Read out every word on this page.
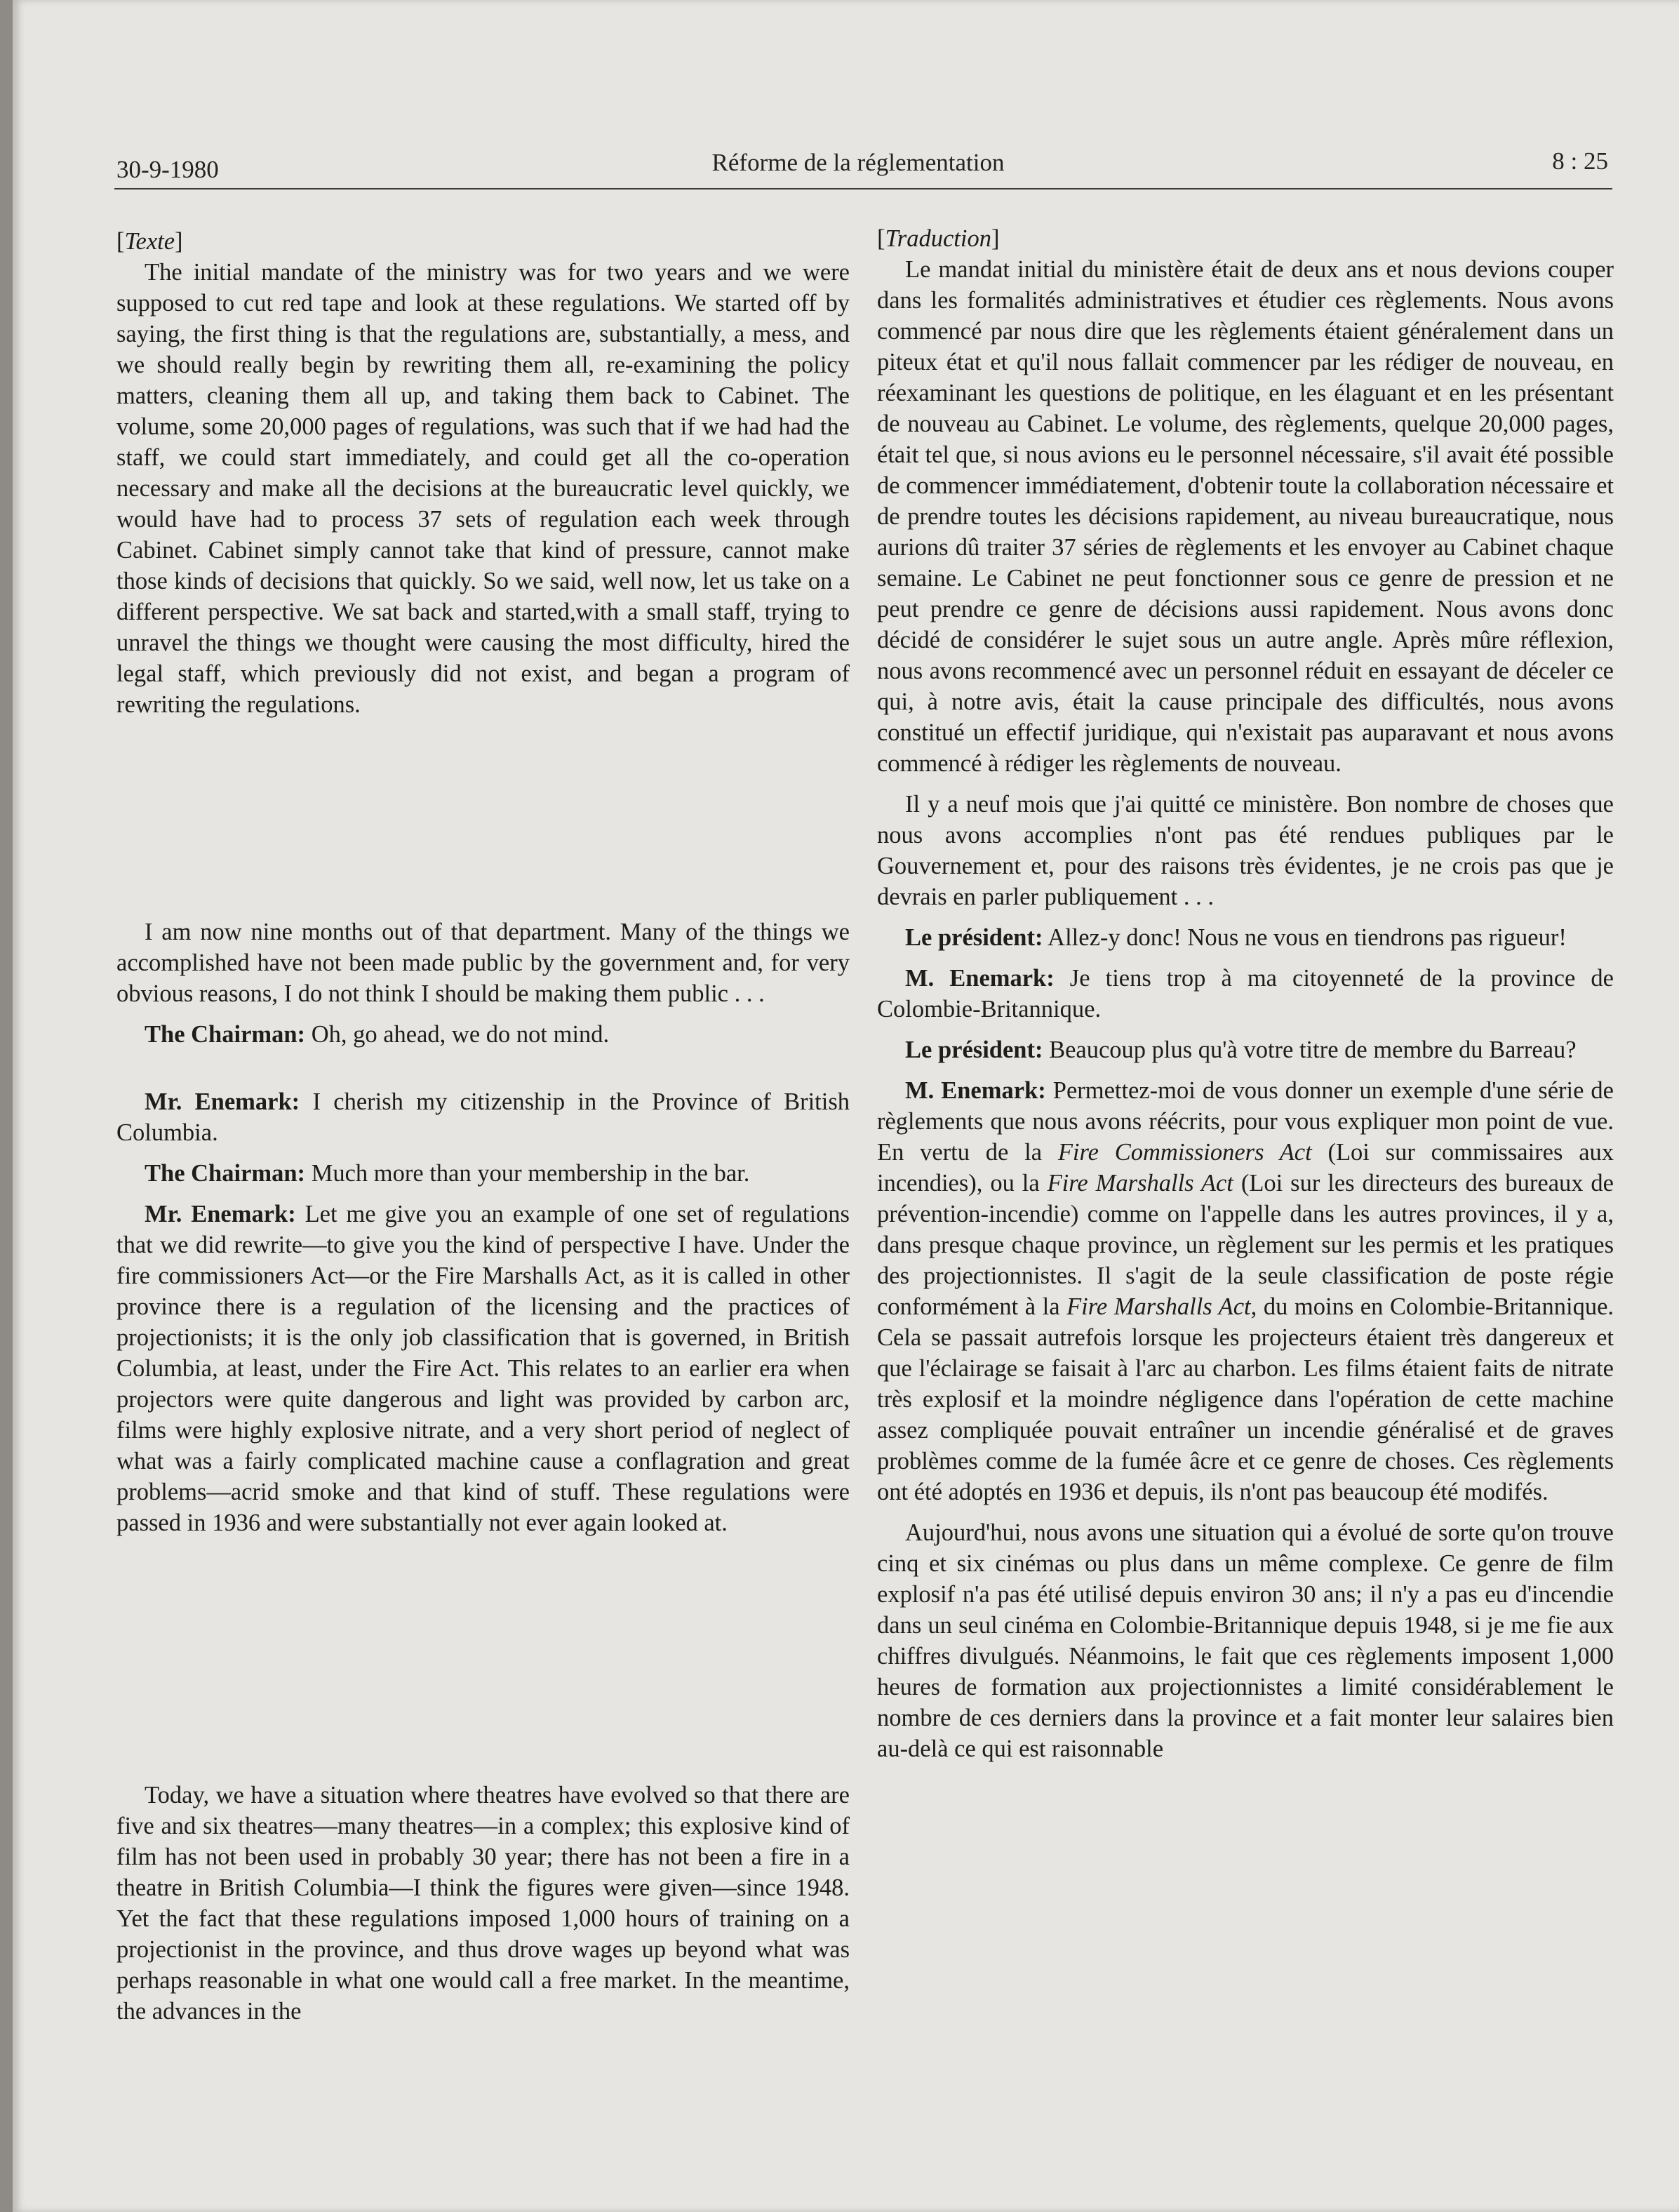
30-9-1980	Réforme de la réglementation	8 : 25

[Texte]

The initial mandate of the ministry was for two years and we were supposed to cut red tape and look at these regulations. We started off by saying, the first thing is that the regulations are, substantially, a mess, and we should really begin by rewriting them all, re-examining the policy matters, cleaning them all up, and taking them back to Cabinet. The volume, some 20,000 pages of regulations, was such that if we had had the staff, we could start immediately, and could get all the co-operation necessary and make all the decisions at the bureaucratic level quickly, we would have had to process 37 sets of regulation each week through Cabinet. Cabinet simply cannot take that kind of pressure, cannot make those kinds of decisions that quickly. So we said, well now, let us take on a different perspective. We sat back and started,with a small staff, trying to unravel the things we thought were causing the most difficulty, hired the legal staff, which previously did not exist, and began a program of rewriting the regulations.

I am now nine months out of that department. Many of the things we accomplished have not been made public by the government and, for very obvious reasons, I do not think I should be making them public . . .

The Chairman: Oh, go ahead, we do not mind.

Mr. Enemark: I cherish my citizenship in the Province of British Columbia.

The Chairman: Much more than your membership in the bar.

Mr. Enemark: Let me give you an example of one set of regulations that we did rewrite—to give you the kind of perspective I have. Under the fire commissioners Act—or the Fire Marshalls Act, as it is called in other province there is a regulation of the licensing and the practices of projectionists; it is the only job classification that is governed, in British Columbia, at least, under the Fire Act. This relates to an earlier era when projectors were quite dangerous and light was provided by carbon arc, films were highly explosive nitrate, and a very short period of neglect of what was a fairly complicated machine cause a conflagration and great problems—acrid smoke and that kind of stuff. These regulations were passed in 1936 and were substantially not ever again looked at.

Today, we have a situation where theatres have evolved so that there are five and six theatres—many theatres—in a complex; this explosive kind of film has not been used in probably 30 year; there has not been a fire in a theatre in British Columbia—I think the figures were given—since 1948. Yet the fact that these regulations imposed 1,000 hours of training on a projectionist in the province, and thus drove wages up beyond what was perhaps reasonable in what one would call a free market. In the meantime, the advances in the

[Traduction]

Le mandat initial du ministère était de deux ans et nous devions couper dans les formalités administratives et étudier ces règlements. Nous avons commencé par nous dire que les règlements étaient généralement dans un piteux état et qu'il nous fallait commencer par les rédiger de nouveau, en réexaminant les questions de politique, en les élaguant et en les présentant de nouveau au Cabinet. Le volume, des règlements, quelque 20,000 pages, était tel que, si nous avions eu le personnel nécessaire, s'il avait été possible de commencer immédiatement, d'obtenir toute la collaboration nécessaire et de prendre toutes les décisions rapidement, au niveau bureaucratique, nous aurions dû traiter 37 séries de règlements et les envoyer au Cabinet chaque semaine. Le Cabinet ne peut fonctionner sous ce genre de pression et ne peut prendre ce genre de décisions aussi rapidement. Nous avons donc décidé de considérer le sujet sous un autre angle. Après mûre réflexion, nous avons recommencé avec un personnel réduit en essayant de déceler ce qui, à notre avis, était la cause principale des difficultés, nous avons constitué un effectif juridique, qui n'existait pas auparavant et nous avons commencé à rédiger les règlements de nouveau.

Il y a neuf mois que j'ai quitté ce ministère. Bon nombre de choses que nous avons accomplies n'ont pas été rendues publiques par le Gouvernement et, pour des raisons très évidentes, je ne crois pas que je devrais en parler publiquement . . .

Le président: Allez-y donc! Nous ne vous en tiendrons pas rigueur!

M. Enemark: Je tiens trop à ma citoyenneté de la province de Colombie-Britannique.

Le président: Beaucoup plus qu'à votre titre de membre du Barreau?

M. Enemark: Permettez-moi de vous donner un exemple d'une série de règlements que nous avons réécrits, pour vous expliquer mon point de vue. En vertu de la Fire Commissioners Act (Loi sur commissaires aux incendies), ou la Fire Marshalls Act (Loi sur les directeurs des bureaux de prévention-incendie) comme on l'appelle dans les autres provinces, il y a, dans presque chaque province, un règlement sur les permis et les pratiques des projectionnistes. Il s'agit de la seule classification de poste régie conformément à la Fire Marshalls Act, du moins en Colombie-Britannique. Cela se passait autrefois lorsque les projecteurs étaient très dangereux et que l'éclairage se faisait à l'arc au charbon. Les films étaient faits de nitrate très explosif et la moindre négligence dans l'opération de cette machine assez compliquée pouvait entraîner un incendie généralisé et de graves problèmes comme de la fumée âcre et ce genre de choses. Ces règlements ont été adoptés en 1936 et depuis, ils n'ont pas beaucoup été modifés.

Aujourd'hui, nous avons une situation qui a évolué de sorte qu'on trouve cinq et six cinémas ou plus dans un même complexe. Ce genre de film explosif n'a pas été utilisé depuis environ 30 ans; il n'y a pas eu d'incendie dans un seul cinéma en Colombie-Britannique depuis 1948, si je me fie aux chiffres divulgués. Néanmoins, le fait que ces règlements imposent 1,000 heures de formation aux projectionnistes a limité considérablement le nombre de ces derniers dans la province et a fait monter leur salaires bien au-delà ce qui est raisonnable
